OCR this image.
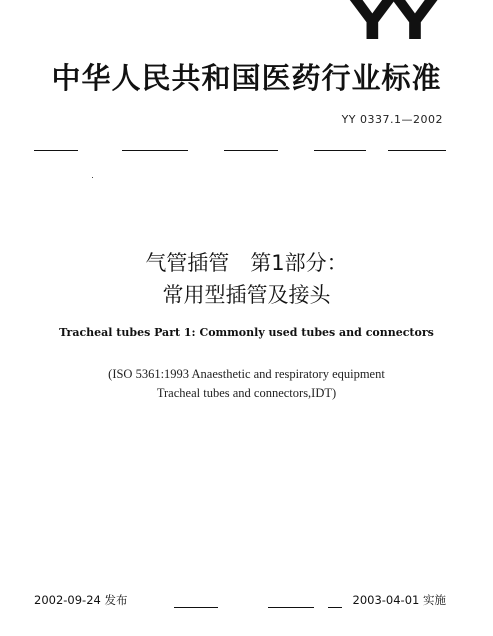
YY
中华人民共和国医药行业标准
YY 0337.1—2002
气管插管　第1部分：
常用型插管及接头
Tracheal tubes Part 1: Commonly used tubes and connectors
(ISO 5361:1993 Anaesthetic and respiratory equipment
Tracheal tubes and connectors,IDT)
2002-09-24 发布	2003-04-01 实施
